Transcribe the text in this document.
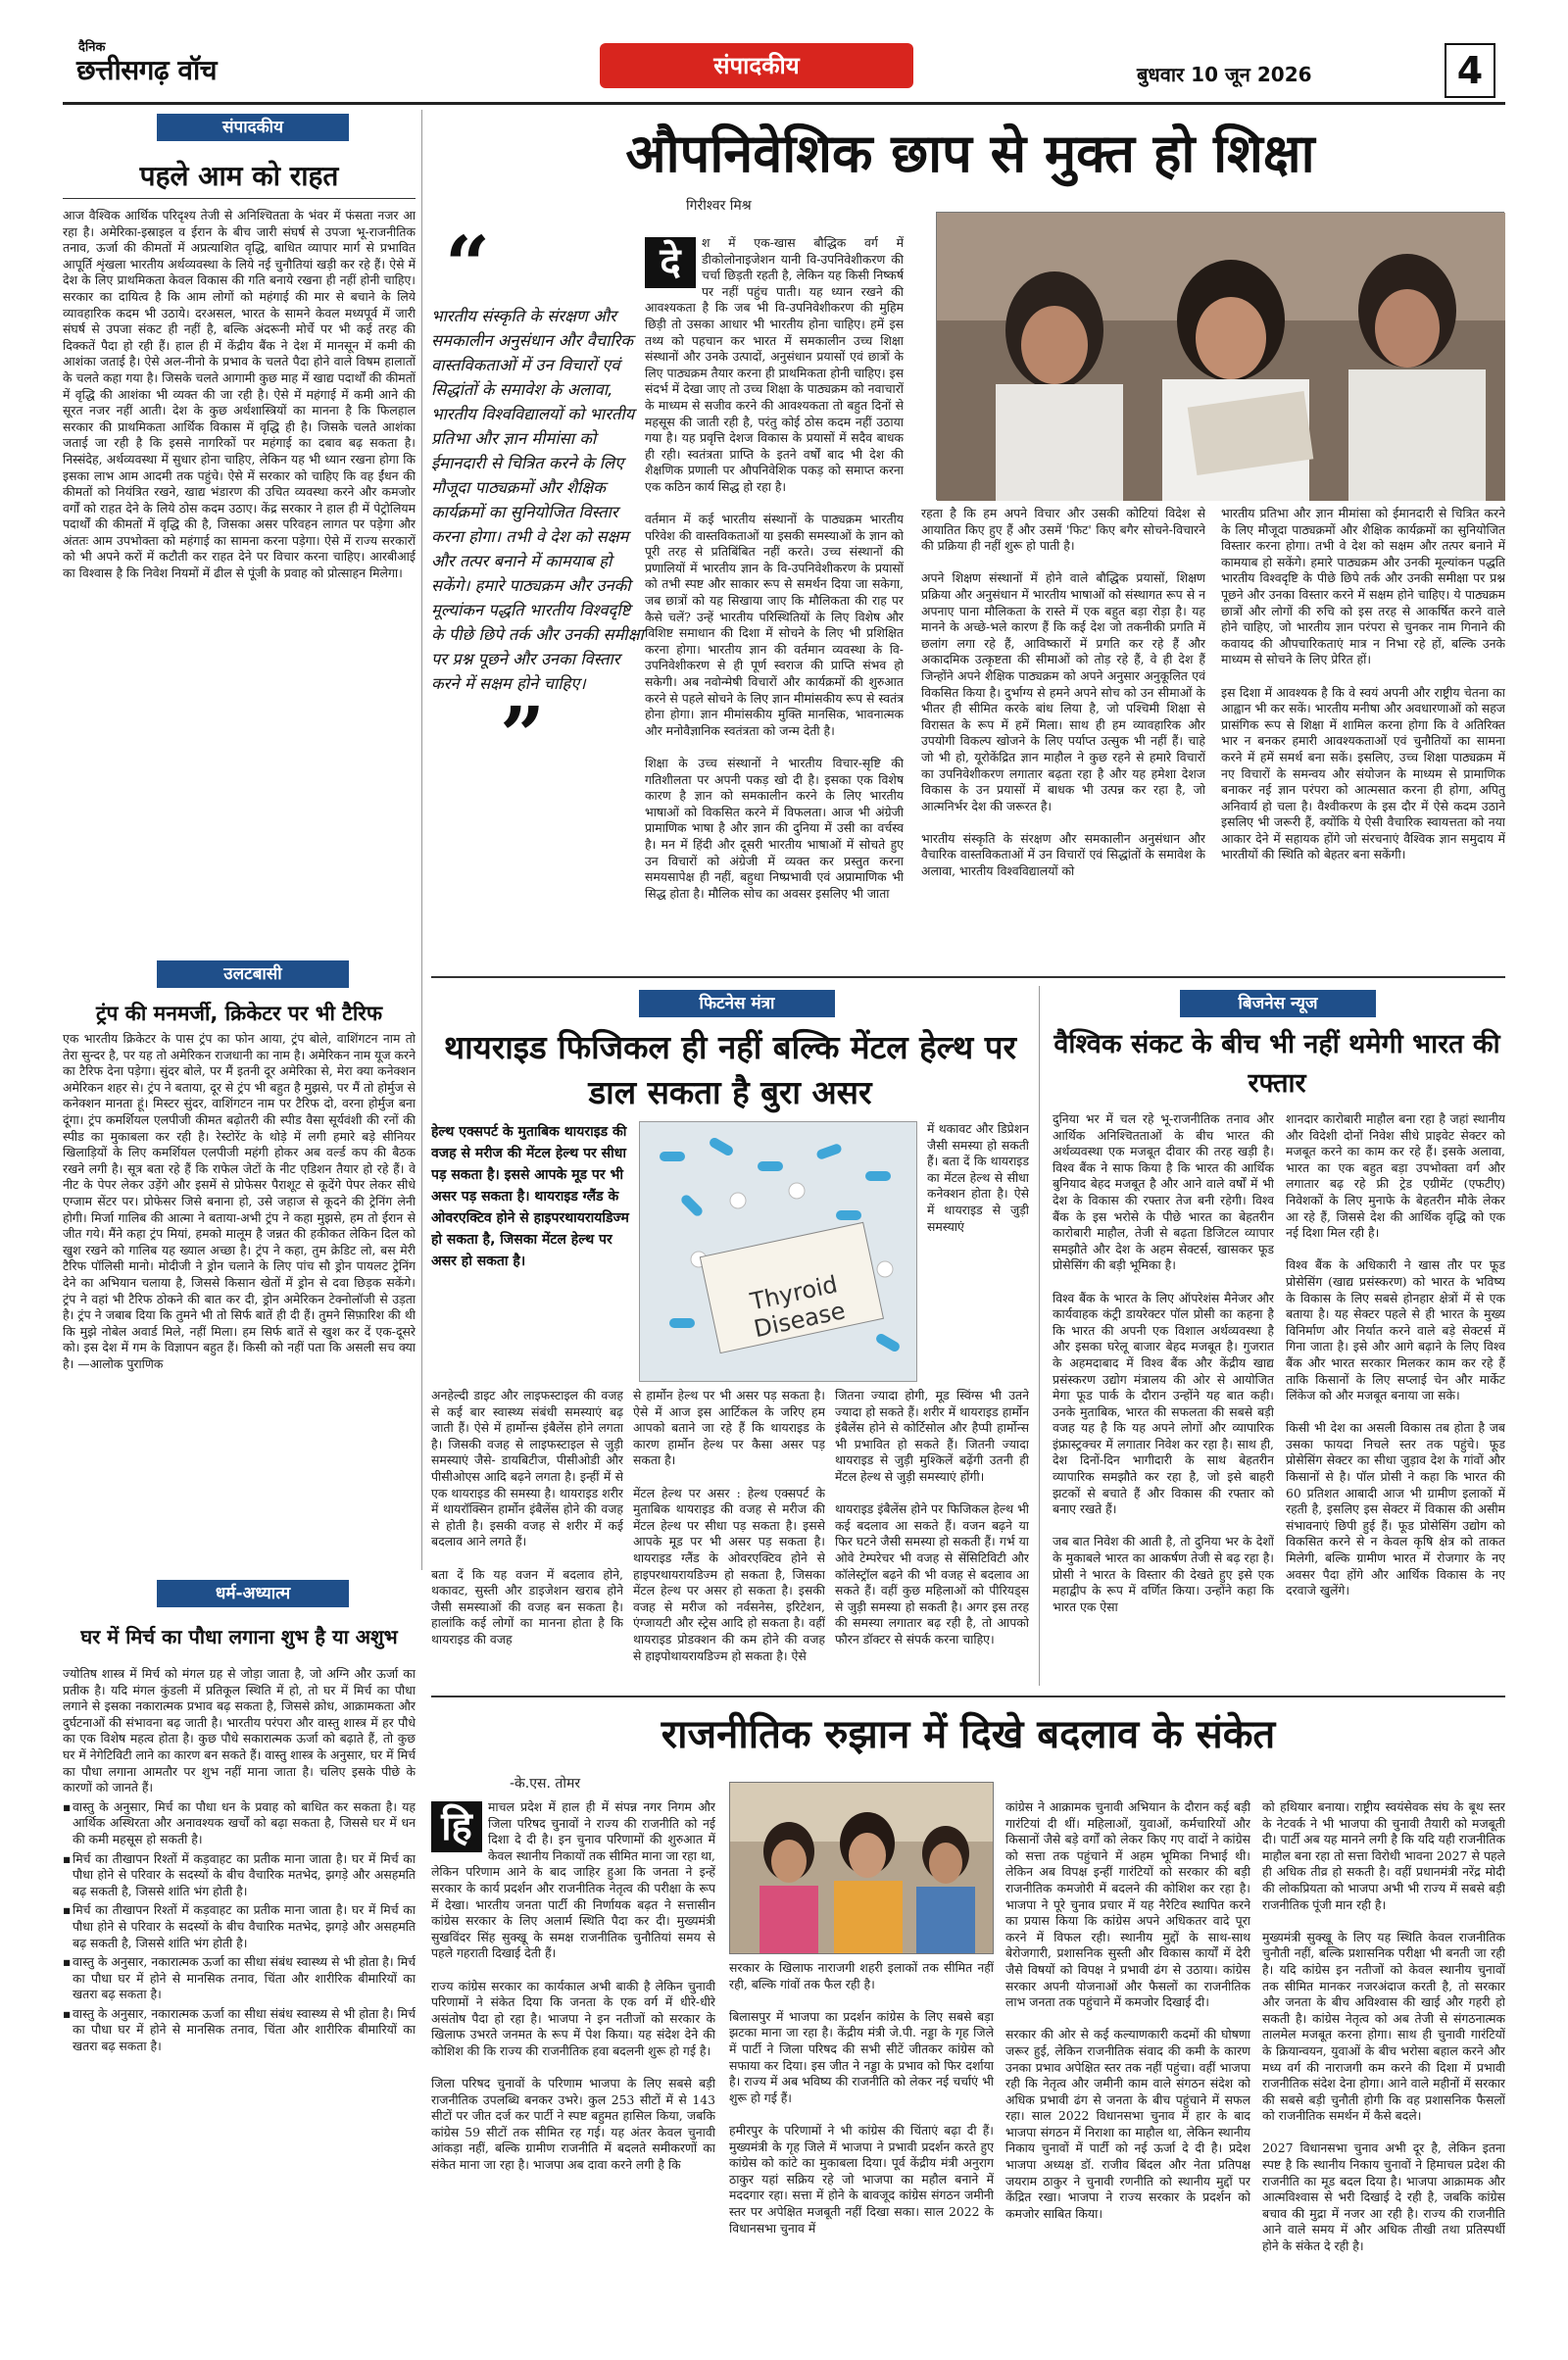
दैनिक
छत्तीसगढ़ वॉच	संपादकीय	बुधवार 10 जून 2026	4
संपादकीय
पहले आम को राहत
आज वैश्विक आर्थिक परिदृश्य तेजी से अनिश्चितता के भंवर में फंसता नजर आ रहा है। अमेरिका-इस्राइल व ईरान के बीच जारी संघर्ष से उपजा भू-राजनीतिक तनाव, ऊर्जा की कीमतों में अप्रत्याशित वृद्धि, बाधित व्यापार मार्ग से प्रभावित आपूर्ति शृंखला भारतीय अर्थव्यवस्था के लिये नई चुनौतियां खड़ी कर रहे हैं। ऐसे में देश के लिए प्राथमिकता केवल विकास की गति बनाये रखना ही नहीं होनी चाहिए। सरकार का दायित्व है कि आम लोगों को महंगाई की मार से बचाने के लिये व्यावहारिक कदम भी उठाये। दरअसल, भारत के सामने केवल मध्यपूर्व में जारी संघर्ष से उपजा संकट ही नहीं है, बल्कि अंदरूनी मोर्चे पर भी कई तरह की दिक्कतें पैदा हो रही हैं। हाल ही में केंद्रीय बैंक ने देश में मानसून में कमी की आशंका जताई है। ऐसे अल-नीनो के प्रभाव के चलते पैदा होने वाले विषम हालातों के चलते कहा गया है। जिसके चलते आगामी कुछ माह में खाद्य पदार्थों की कीमतों में वृद्धि की आशंका भी व्यक्त की जा रही है। ऐसे में महंगाई में कमी आने की सूरत नजर नहीं आती। देश के कुछ अर्थशास्त्रियों का मानना है कि फिलहाल सरकार की प्राथमिकता आर्थिक विकास में वृद्धि ही है। जिसके चलते आशंका जताई जा रही है कि इससे नागरिकों पर महंगाई का दबाव बढ़ सकता है। निस्संदेह, अर्थव्यवस्था में सुधार होना चाहिए, लेकिन यह भी ध्यान रखना होगा कि इसका लाभ आम आदमी तक पहुंचे। ऐसे में सरकार को चाहिए कि वह ईंधन की कीमतों को नियंत्रित रखने, खाद्य भंडारण की उचित व्यवस्था करने और कमजोर वर्गों को राहत देने के लिये ठोस कदम उठाए। केंद्र सरकार ने हाल ही में पेट्रोलियम पदार्थों की कीमतों में वृद्धि की है, जिसका असर परिवहन लागत पर पड़ेगा और अंततः आम उपभोक्ता को महंगाई का सामना करना पड़ेगा। ऐसे में राज्य सरकारों को भी अपने करों में कटौती कर राहत देने पर विचार करना चाहिए। आरबीआई का विश्वास है कि निवेश नियमों में ढील से पूंजी के प्रवाह को प्रोत्साहन मिलेगा।
उलटबासी
ट्रंप की मनमर्जी, क्रिकेटर पर भी टैरिफ
एक भारतीय क्रिकेटर के पास ट्रंप का फोन आया, ट्रंप बोले, वाशिंगटन नाम तो तेरा सुन्दर है, पर यह तो अमेरिकन राजधानी का नाम है। अमेरिकन नाम यूज करने का टैरिफ देना पड़ेगा। सुंदर बोले, पर मैं इतनी दूर अमेरिका से, मेरा क्या कनेक्शन अमेरिकन शहर से। ट्रंप ने बताया, दूर से ट्रंप भी बहुत है मुझसे, पर मैं तो होर्मुज से कनेक्शन मानता हूं। मिस्टर सुंदर, वाशिंगटन नाम पर टैरिफ दो, वरना होर्मुज बना दूंगा। ट्रंप कमर्शियल एलपीजी कीमत बढ़ोतरी की स्पीड वैसा सूर्यवंशी की रनों की स्पीड का मुकाबला कर रही है। रेस्टोरेंट के थोड़े में लगी हमारे बड़े सीनियर खिलाड़ियों के लिए कमर्शियल एलपीजी महंगी होकर अब वर्ल्ड कप की बैठक रखने लगी है। सूत्र बता रहे हैं कि राफेल जेटों के नीट एडिशन तैयार हो रहे हैं। वे नीट के पेपर लेकर उड़ेंगे और इसमें से प्रोफेसर पैराशूट से कूदेंगे पेपर लेकर सीधे एग्जाम सेंटर पर। प्रोफेसर जिसे बनाना हो, उसे जहाज से कूदने की ट्रेनिंग लेनी होगी। मिर्जा गालिब की आत्मा ने बताया-अभी ट्रंप ने कहा मुझसे, हम तो ईरान से जीत गये। मैंने कहा ट्रंप मियां, हमको मालूम है जन्नत की हकीकत लेकिन दिल को खुश रखने को गालिब यह ख्याल अच्छा है। ट्रंप ने कहा, तुम क्रेडिट लो, बस मेरी टैरिफ पॉलिसी मानो। मोदीजी ने ड्रोन चलाने के लिए पांच सौ ड्रोन पायलट ट्रेनिंग देने का अभियान चलाया है, जिससे किसान खेतों में ड्रोन से दवा छिड़क सकेंगे। ट्रंप ने वहां भी टैरिफ ठोकने की बात कर दी, ड्रोन अमेरिकन टेक्नोलॉजी से उड़ता है। ट्रंप ने जबाब दिया कि तुमने भी तो सिर्फ बातें ही दी हैं। तुमने सिफ़ारिश की थी कि मुझे नोबेल अवार्ड मिले, नहीं मिला। हम सिर्फ बातें से खुश कर दें एक-दूसरे को। इस देश में गम के विज्ञापन बहुत हैं। किसी को नहीं पता कि असली सच क्या है। —आलोक पुराणिक
धर्म-अध्यात्म
घर में मिर्च का पौधा लगाना शुभ है या अशुभ

ज्योतिष शास्त्र में मिर्च को मंगल ग्रह से जोड़ा जाता है, जो अग्नि और ऊर्जा का प्रतीक है। यदि मंगल कुंडली में प्रतिकूल स्थिति में हो, तो घर में मिर्च का पौधा लगाने से इसका नकारात्मक प्रभाव बढ़ सकता है, जिससे क्रोध, आक्रामकता और दुर्घटनाओं की संभावना बढ़ जाती है। भारतीय परंपरा और वास्तु शास्त्र में हर पौधे का एक विशेष महत्व होता है। कुछ पौधे सकारात्मक ऊर्जा को बढ़ाते हैं, तो कुछ घर में नेगेटिविटी लाने का कारण बन सकते हैं। वास्तु शास्त्र के अनुसार, घर में मिर्च का पौधा लगाना आमतौर पर शुभ नहीं माना जाता है। चलिए इसके पीछे के कारणों को जानते हैं।

▪ वास्तु के अनुसार, मिर्च का पौधा धन के प्रवाह को बाधित कर सकता है। यह आर्थिक अस्थिरता और अनावश्यक खर्चों को बढ़ा सकता है, जिससे घर में धन की कमी महसूस हो सकती है।
▪ मिर्च का तीखापन रिश्तों में कड़वाहट का प्रतीक माना जाता है। घर में मिर्च का पौधा होने से परिवार के सदस्यों के बीच वैचारिक मतभेद, झगड़े और असहमति बढ़ सकती है, जिससे शांति भंग होती है।
▪ मिर्च का तीखापन रिश्तों में कड़वाहट का प्रतीक माना जाता है। घर में मिर्च का पौधा होने से परिवार के सदस्यों के बीच वैचारिक मतभेद, झगड़े और असहमति बढ़ सकती है, जिससे शांति भंग होती है।
▪ वास्तु के अनुसार, नकारात्मक ऊर्जा का सीधा संबंध स्वास्थ्य से भी होता है। मिर्च का पौधा घर में होने से मानसिक तनाव, चिंता और शारीरिक बीमारियों का खतरा बढ़ सकता है।
▪ वास्तु के अनुसार, नकारात्मक ऊर्जा का सीधा संबंध स्वास्थ्य से भी होता है। मिर्च का पौधा घर में होने से मानसिक तनाव, चिंता और शारीरिक बीमारियों का खतरा बढ़ सकता है।
औपनिवेशिक छाप से मुक्त हो शिक्षा
गिरीश्वर मिश्र
“
भारतीय संस्कृति के संरक्षण और समकालीन अनुसंधान और वैचारिक वास्तविकताओं में उन विचारों एवं सिद्धांतों के समावेश के अलावा, भारतीय विश्वविद्यालयों को भारतीय प्रतिभा और ज्ञान मीमांसा को ईमानदारी से चित्रित करने के लिए मौजूदा पाठ्यक्रमों और शैक्षिक कार्यक्रमों का सुनियोजित विस्तार करना होगा। तभी वे देश को सक्षम और तत्पर बनाने में कामयाब हो सकेंगे। हमारे पाठ्यक्रम और उनकी मूल्यांकन पद्धति भारतीय विश्वदृष्टि के पीछे छिपे तर्क और उनकी समीक्षा पर प्रश्न पूछने और उनका विस्तार करने में सक्षम होने चाहिए।
”
दे	श में एक-खास बौद्धिक वर्ग में डीकोलोनाइजेशन यानी वि-उपनिवेशीकरण की चर्चा छिड़ती रहती है, लेकिन यह किसी निष्कर्ष पर नहीं पहुंच पाती। यह ध्यान रखने की आवश्यकता है कि जब भी वि-उपनिवेशीकरण की मुहिम छिड़ी तो उसका आधार भी भारतीय होना चाहिए। हमें इस तथ्य को पहचान कर भारत में समकालीन उच्च शिक्षा संस्थानों और उनके उत्पादों, अनुसंधान प्रयासों एवं छात्रों के लिए पाठ्यक्रम तैयार करना ही प्राथमिकता होनी चाहिए। इस संदर्भ में देखा जाए तो उच्च शिक्षा के पाठ्यक्रम को नवाचारों के माध्यम से सजीव करने की आवश्यकता तो बहुत दिनों से महसूस की जाती रही है, परंतु कोई ठोस कदम नहीं उठाया गया है। यह प्रवृत्ति देशज विकास के प्रयासों में सदैव बाधक ही रही। स्वतंत्रता प्राप्ति के इतने वर्षों बाद भी देश की शैक्षणिक प्रणाली पर औपनिवेशिक पकड़ को समाप्त करना एक कठिन कार्य सिद्ध हो रहा है।

वर्तमान में कई भारतीय संस्थानों के पाठ्यक्रम भारतीय परिवेश की वास्तविकताओं या इसकी समस्याओं के ज्ञान को पूरी तरह से प्रतिबिंबित नहीं करते। उच्च संस्थानों की प्रणालियों में भारतीय ज्ञान के वि-उपनिवेशीकरण के प्रयासों को तभी स्पष्ट और साकार रूप से समर्थन दिया जा सकेगा, जब छात्रों को यह सिखाया जाए कि मौलिकता की राह पर कैसे चलें? उन्हें भारतीय परिस्थितियों के लिए विशेष और विशिष्ट समाधान की दिशा में सोचने के लिए भी प्रशिक्षित करना होगा। भारतीय ज्ञान की वर्तमान व्यवस्था के वि-उपनिवेशीकरण से ही पूर्ण स्वराज की प्राप्ति संभव हो सकेगी। अब नवोन्मेषी विचारों और कार्यक्रमों की शुरुआत करने से पहले सोचने के लिए ज्ञान मीमांसकीय रूप से स्वतंत्र होना होगा। ज्ञान मीमांसकीय मुक्ति मानसिक, भावनात्मक और मनोवैज्ञानिक स्वतंत्रता को जन्म देती है।

शिक्षा के उच्च संस्थानों ने भारतीय विचार-सृष्टि की गतिशीलता पर अपनी पकड़ खो दी है। इसका एक विशेष कारण है ज्ञान को समकालीन करने के लिए भारतीय भाषाओं को विकसित करने में विफलता। आज भी अंग्रेजी प्रामाणिक भाषा है और ज्ञान की दुनिया में उसी का वर्चस्व है। मन में हिंदी और दूसरी भारतीय भाषाओं में सोचते हुए उन विचारों को अंग्रेजी में व्यक्त कर प्रस्तुत करना समयसापेक्ष ही नहीं, बहुधा निष्प्रभावी एवं अप्रामाणिक भी सिद्ध होता है। मौलिक सोच का अवसर इसलिए भी जाता
रहता है कि हम अपने विचार और उसकी कोटियां विदेश से आयातित किए हुए हैं और उसमें 'फिट' किए बगैर सोचने-विचारने की प्रक्रिया ही नहीं शुरू हो पाती है।

अपने शिक्षण संस्थानों में होने वाले बौद्धिक प्रयासों, शिक्षण प्रक्रिया और अनुसंधान में भारतीय भाषाओं को संस्थागत रूप से न अपनाए पाना मौलिकता के रास्ते में एक बहुत बड़ा रोड़ा है। यह मानने के अच्छे-भले कारण हैं कि कई देश जो तकनीकी प्रगति में छलांग लगा रहे हैं, आविष्कारों में प्रगति कर रहे हैं और अकादमिक उत्कृष्टता की सीमाओं को तोड़ रहे हैं, वे ही देश हैं जिन्होंने अपने शैक्षिक पाठ्यक्रम को अपने अनुसार अनुकूलित एवं विकसित किया है। दुर्भाग्य से हमने अपने सोच को उन सीमाओं के भीतर ही सीमित करके बांध लिया है, जो पश्चिमी शिक्षा से विरासत के रूप में हमें मिला। साथ ही हम व्यावहारिक और उपयोगी विकल्प खोजने के लिए पर्याप्त उत्सुक भी नहीं हैं। चाहे जो भी हो, यूरोकेंद्रित ज्ञान माहौल ने कुछ रहने से हमारे विचारों का उपनिवेशीकरण लगातार बढ़ता रहा है और यह हमेशा देशज विकास के उन प्रयासों में बाधक भी उत्पन्न कर रहा है, जो आत्मनिर्भर देश की जरूरत है।

भारतीय संस्कृति के संरक्षण और समकालीन अनुसंधान और वैचारिक वास्तविकताओं में उन विचारों एवं सिद्धांतों के समावेश के अलावा, भारतीय विश्वविद्यालयों को
भारतीय प्रतिभा और ज्ञान मीमांसा को ईमानदारी से चित्रित करने के लिए मौजूदा पाठ्यक्रमों और शैक्षिक कार्यक्रमों का सुनियोजित विस्तार करना होगा। तभी वे देश को सक्षम और तत्पर बनाने में कामयाब हो सकेंगे। हमारे पाठ्यक्रम और उनकी मूल्यांकन पद्धति भारतीय विश्वदृष्टि के पीछे छिपे तर्क और उनकी समीक्षा पर प्रश्न पूछने और उनका विस्तार करने में सक्षम होने चाहिए। ये पाठ्यक्रम छात्रों और लोगों की रुचि को इस तरह से आकर्षित करने वाले होने चाहिए, जो भारतीय ज्ञान परंपरा से चुनकर नाम गिनाने की कवायद की औपचारिकताएं मात्र न निभा रहे हों, बल्कि उनके माध्यम से सोचने के लिए प्रेरित हों।

इस दिशा में आवश्यक है कि वे स्वयं अपनी और राष्ट्रीय चेतना का आह्वान भी कर सकें। भारतीय मनीषा और अवधारणाओं को सहज प्रासंगिक रूप से शिक्षा में शामिल करना होगा कि वे अतिरिक्त भार न बनकर हमारी आवश्यकताओं एवं चुनौतियों का सामना करने में हमें समर्थ बना सकें। इसलिए, उच्च शिक्षा पाठ्यक्रम में नए विचारों के समन्वय और संयोजन के माध्यम से प्रामाणिक बनाकर नई ज्ञान परंपरा को आत्मसात करना ही होगा, अपितु अनिवार्य हो चला है। वैश्वीकरण के इस दौर में ऐसे कदम उठाने इसलिए भी जरूरी हैं, क्योंकि ये ऐसी वैचारिक स्वायत्तता को नया आकार देने में सहायक होंगे जो संरचनाएं वैश्विक ज्ञान समुदाय में भारतीयों की स्थिति को बेहतर बना सकेंगी।
फिटनेस मंत्रा
थायराइड फिजिकल ही नहीं बल्कि मेंटल हेल्थ पर डाल सकता है बुरा असर
हेल्थ एक्सपर्ट के मुताबिक थायराइड की वजह से मरीज की मेंटल हेल्थ पर सीधा पड़ सकता है। इससे आपके मूड पर भी असर पड़ सकता है। थायराइड ग्लैंड के ओवरएक्टिव होने से हाइपरथायरायडिज्म हो सकता है, जिसका मेंटल हेल्थ पर असर हो सकता है।
Thyroid Disease
में थकावट और डिप्रेशन जैसी समस्या हो सकती हैं। बता दें कि थायराइड का मेंटल हेल्थ से सीधा कनेक्शन होता है। ऐसे में थायराइड से जुड़ी समस्याएं
अनहेल्दी डाइट और लाइफस्टाइल की वजह से कई बार स्वास्थ्य संबंधी समस्याएं बढ़ जाती हैं। ऐसे में हार्मोन्स इंबैलेंस होने लगता है। जिसकी वजह से लाइफस्टाइल से जुड़ी समस्याएं जैसे- डायबिटीज, पीसीओडी और पीसीओएस आदि बढ़ने लगता है। इन्हीं में से एक थायराइड की समस्या है। थायराइड शरीर में थायरॉक्सिन हार्मोन इंबैलेंस होने की वजह से होती है। इसकी वजह से शरीर में कई बदलाव आने लगते हैं।

बता दें कि यह वजन में बदलाव होने, थकावट, सुस्ती और डाइजेशन खराब होने जैसी समस्याओं की वजह बन सकता है। हालांकि कई लोगों का मानना होता है कि थायराइड की वजह
से हार्मोन हेल्थ पर भी असर पड़ सकता है। ऐसे में आज इस आर्टिकल के जरिए हम आपको बताने जा रहे हैं कि थायराइड के कारण हार्मोन हेल्थ पर कैसा असर पड़ सकता है।

मेंटल हेल्थ पर असर : हेल्थ एक्सपर्ट के मुताबिक थायराइड की वजह से मरीज की मेंटल हेल्थ पर सीधा पड़ सकता है। इससे आपके मूड पर भी असर पड़ सकता है। थायराइड ग्लैंड के ओवरएक्टिव होने से हाइपरथायरायडिज्म हो सकता है, जिसका मेंटल हेल्थ पर असर हो सकता है। इसकी वजह से मरीज को नर्वसनेस, इरिटेशन, एंग्जायटी और स्ट्रेस आदि हो सकता है। वहीं थायराइड प्रोडक्शन की कम होने की वजह से हाइपोथायरायडिज्म हो सकता है। ऐसे
जितना ज्यादा होगी, मूड स्विंग्स भी उतने ज्यादा हो सकते हैं। शरीर में थायराइड हार्मोन इंबैलेंस होने से कोर्टिसोल और हैप्पी हार्मोन्स भी प्रभावित हो सकते हैं। जितनी ज्यादा थायराइड से जुड़ी मुश्किलें बढ़ेंगी उतनी ही मेंटल हेल्थ से जुड़ी समस्याएं होंगी।

थायराइड इंबैलेंस होने पर फिजिकल हेल्थ भी कई बदलाव आ सकते हैं। वजन बढ़ने या फिर घटने जैसी समस्या हो सकती हैं। गर्भ या ओवे टेम्परेचर भी वजह से सेंसिटिविटी और कॉलेस्ट्रॉल बढ़ने की भी वजह से बदलाव आ सकते हैं। वहीं कुछ महिलाओं को पीरियड्स से जुड़ी समस्या हो सकती है। अगर इस तरह की समस्या लगातार बढ़ रही है, तो आपको फौरन डॉक्टर से संपर्क करना चाहिए।
बिजनेस न्यूज
वैश्विक संकट के बीच भी नहीं थमेगी भारत की रफ्तार
दुनिया भर में चल रहे भू-राजनीतिक तनाव और आर्थिक अनिश्चितताओं के बीच भारत की अर्थव्यवस्था एक मजबूत दीवार की तरह खड़ी है। विश्व बैंक ने साफ किया है कि भारत की आर्थिक बुनियाद बेहद मजबूत है और आने वाले वर्षों में भी देश के विकास की रफ्तार तेज बनी रहेगी। विश्व बैंक के इस भरोसे के पीछे भारत का बेहतरीन कारोबारी माहौल, तेजी से बढ़ता डिजिटल व्यापार समझौते और देश के अहम सेक्टर्स, खासकर फूड प्रोसेसिंग की बड़ी भूमिका है।

विश्व बैंक के भारत के लिए ऑपरेशंस मैनेजर और कार्यवाहक कंट्री डायरेक्टर पॉल प्रोसी का कहना है कि भारत की अपनी एक विशाल अर्थव्यवस्था है और इसका घरेलू बाजार बेहद मजबूत है। गुजरात के अहमदाबाद में विश्व बैंक और केंद्रीय खाद्य प्रसंस्करण उद्योग मंत्रालय की ओर से आयोजित मेगा फूड पार्क के दौरान उन्होंने यह बात कही। उनके मुताबिक, भारत की सफलता की सबसे बड़ी वजह यह है कि यह अपने लोगों और व्यापारिक इंफ्रास्ट्रक्चर में लगातार निवेश कर रहा है। साथ ही, देश दिनों-दिन भागीदारी के साथ बेहतरीन व्यापारिक समझौते कर रहा है, जो इसे बाहरी झटकों से बचाते हैं और विकास की रफ्तार को बनाए रखते हैं।

जब बात निवेश की आती है, तो दुनिया भर के देशों के मुकाबले भारत का आकर्षण तेजी से बढ़ रहा है। प्रोसी ने भारत के विस्तार की देखते हुए इसे एक महाद्वीप के रूप में वर्णित किया। उन्होंने कहा कि भारत एक ऐसा
शानदार कारोबारी माहौल बना रहा है जहां स्थानीय और विदेशी दोनों निवेश सीधे प्राइवेट सेक्टर को मजबूत करने का काम कर रहे हैं। इसके अलावा, भारत का एक बहुत बड़ा उपभोक्ता वर्ग और लगातार बढ़ रहे फ्री ट्रेड एग्रीमेंट (एफटीए) निवेशकों के लिए मुनाफे के बेहतरीन मौके लेकर आ रहे हैं, जिससे देश की आर्थिक वृद्धि को एक नई दिशा मिल रही है।

विश्व बैंक के अधिकारी ने खास तौर पर फूड प्रोसेसिंग (खाद्य प्रसंस्करण) को भारत के भविष्य के विकास के लिए सबसे होनहार क्षेत्रों में से एक बताया है। यह सेक्टर पहले से ही भारत के मुख्य विनिर्माण और निर्यात करने वाले बड़े सेक्टर्स में गिना जाता है। इसे और आगे बढ़ाने के लिए विश्व बैंक और भारत सरकार मिलकर काम कर रहे हैं ताकि किसानों के लिए सप्लाई चेन और मार्केट लिंकेज को और मजबूत बनाया जा सके।

किसी भी देश का असली विकास तब होता है जब उसका फायदा निचले स्तर तक पहुंचे। फूड प्रोसेसिंग सेक्टर का सीधा जुड़ाव देश के गांवों और किसानों से है। पॉल प्रोसी ने कहा कि भारत की 60 प्रतिशत आबादी आज भी ग्रामीण इलाकों में रहती है, इसलिए इस सेक्टर में विकास की असीम संभावनाएं छिपी हुई हैं। फूड प्रोसेसिंग उद्योग को विकसित करने से न केवल कृषि क्षेत्र को ताकत मिलेगी, बल्कि ग्रामीण भारत में रोजगार के नए अवसर पैदा होंगे और आर्थिक विकास के नए दरवाजे खुलेंगे।
राजनीतिक रुझान में दिखे बदलाव के संकेत
-के.एस. तोमर
हि	माचल प्रदेश में हाल ही में संपन्न नगर निगम और जिला परिषद चुनावों ने राज्य की राजनीति को नई दिशा दे दी है। इन चुनाव परिणामों की शुरुआत में केवल स्थानीय निकायों तक सीमित माना जा रहा था, लेकिन परिणाम आने के बाद जाहिर हुआ कि जनता ने इन्हें सरकार के कार्य प्रदर्शन और राजनीतिक नेतृत्व की परीक्षा के रूप में देखा। भारतीय जनता पार्टी की निर्णायक बढ़त ने सत्तासीन कांग्रेस सरकार के लिए अलार्म स्थिति पैदा कर दी। मुख्यमंत्री सुखविंदर सिंह सुक्खू के समक्ष राजनीतिक चुनौतियां समय से पहले गहराती दिखाई देती हैं।

राज्य कांग्रेस सरकार का कार्यकाल अभी बाकी है लेकिन चुनावी परिणामों ने संकेत दिया कि जनता के एक वर्ग में धीरे-धीरे असंतोष पैदा हो रहा है। भाजपा ने इन नतीजों को सरकार के खिलाफ उभरते जनमत के रूप में पेश किया। यह संदेश देने की कोशिश की कि राज्य की राजनीतिक हवा बदलनी शुरू हो गई है।

जिला परिषद चुनावों के परिणाम भाजपा के लिए सबसे बड़ी राजनीतिक उपलब्धि बनकर उभरे। कुल 253 सीटों में से 143 सीटों पर जीत दर्ज कर पार्टी ने स्पष्ट बहुमत हासिल किया, जबकि कांग्रेस 59 सीटों तक सीमित रह गई। यह अंतर केवल चुनावी आंकड़ा नहीं, बल्कि ग्रामीण राजनीति में बदलते समीकरणों का संकेत माना जा रहा है। भाजपा अब दावा करने लगी है कि
सरकार के खिलाफ नाराजगी शहरी इलाकों तक सीमित नहीं रही, बल्कि गांवों तक फैल रही है।

बिलासपुर में भाजपा का प्रदर्शन कांग्रेस के लिए सबसे बड़ा झटका माना जा रहा है। केंद्रीय मंत्री जे.पी. नड्डा के गृह जिले में पार्टी ने जिला परिषद की सभी सीटें जीतकर कांग्रेस को सफाया कर दिया। इस जीत ने नड्डा के प्रभाव को फिर दर्शाया है। राज्य में अब भविष्य की राजनीति को लेकर नई चर्चाएं भी शुरू हो गई हैं।

हमीरपुर के परिणामों ने भी कांग्रेस की चिंताएं बढ़ा दी हैं। मुख्यमंत्री के गृह जिले में भाजपा ने प्रभावी प्रदर्शन करते हुए कांग्रेस को कांटे का मुकाबला दिया। पूर्व केंद्रीय मंत्री अनुराग ठाकुर यहां सक्रिय रहे जो भाजपा का महौल बनाने में मददगार रहा। सत्ता में होने के बावजूद कांग्रेस संगठन जमीनी स्तर पर अपेक्षित मजबूती नहीं दिखा सका। साल 2022 के विधानसभा चुनाव में
कांग्रेस ने आक्रामक चुनावी अभियान के दौरान कई बड़ी गारंटियां दी थीं। महिलाओं, युवाओं, कर्मचारियों और किसानों जैसे बड़े वर्गों को लेकर किए गए वादों ने कांग्रेस को सत्ता तक पहुंचाने में अहम भूमिका निभाई थी। लेकिन अब विपक्ष इन्हीं गारंटियों को सरकार की बड़ी राजनीतिक कमजोरी में बदलने की कोशिश कर रहा है। भाजपा ने पूरे चुनाव प्रचार में यह नैरेटिव स्थापित करने का प्रयास किया कि कांग्रेस अपने अधिकतर वादे पूरा करने में विफल रही। स्थानीय मुद्दों के साथ-साथ बेरोजगारी, प्रशासनिक सुस्ती और विकास कार्यों में देरी जैसे विषयों को विपक्ष ने प्रभावी ढंग से उठाया। कांग्रेस सरकार अपनी योजनाओं और फैसलों का राजनीतिक लाभ जनता तक पहुंचाने में कमजोर दिखाई दी।

सरकार की ओर से कई कल्याणकारी कदमों की घोषणा जरूर हुई, लेकिन राजनीतिक संवाद की कमी के कारण उनका प्रभाव अपेक्षित स्तर तक नहीं पहुंचा। वहीं भाजपा रही कि नेतृत्व और जमीनी काम वाले संगठन संदेश को अधिक प्रभावी ढंग से जनता के बीच पहुंचाने में सफल रहा। साल 2022 विधानसभा चुनाव में हार के बाद भाजपा संगठन में निराशा का माहौल था, लेकिन स्थानीय निकाय चुनावों में पार्टी को नई ऊर्जा दे दी है। प्रदेश भाजपा अध्यक्ष डॉ. राजीव बिंदल और नेता प्रतिपक्ष जयराम ठाकुर ने चुनावी रणनीति को स्थानीय मुद्दों पर केंद्रित रखा। भाजपा ने राज्य सरकार के प्रदर्शन को कमजोर साबित किया।
को हथियार बनाया। राष्ट्रीय स्वयंसेवक संघ के बूथ स्तर के नेटवर्क ने भी भाजपा की चुनावी तैयारी को मजबूती दी। पार्टी अब यह मानने लगी है कि यदि यही राजनीतिक माहौल बना रहा तो सत्ता विरोधी भावना 2027 से पहले ही अधिक तीव्र हो सकती है। वहीं प्रधानमंत्री नरेंद्र मोदी की लोकप्रियता को भाजपा अभी भी राज्य में सबसे बड़ी राजनीतिक पूंजी मान रही है।

मुख्यमंत्री सुक्खू के लिए यह स्थिति केवल राजनीतिक चुनौती नहीं, बल्कि प्रशासनिक परीक्षा भी बनती जा रही है। यदि कांग्रेस इन नतीजों को केवल स्थानीय चुनावों तक सीमित मानकर नजरअंदाज करती है, तो सरकार और जनता के बीच अविश्वास की खाई और गहरी हो सकती है। कांग्रेस नेतृत्व को अब तेजी से संगठनात्मक तालमेल मजबूत करना होगा। साथ ही चुनावी गारंटियों के क्रियान्वयन, युवाओं के बीच भरोसा बहाल करने और मध्य वर्ग की नाराजगी कम करने की दिशा में प्रभावी राजनीतिक संदेश देना होगा। आने वाले महीनों में सरकार की सबसे बड़ी चुनौती होगी कि वह प्रशासनिक फैसलों को राजनीतिक समर्थन में कैसे बदले।

2027 विधानसभा चुनाव अभी दूर है, लेकिन इतना स्पष्ट है कि स्थानीय निकाय चुनावों ने हिमाचल प्रदेश की राजनीति का मूड बदल दिया है। भाजपा आक्रामक और आत्मविश्वास से भरी दिखाई दे रही है, जबकि कांग्रेस बचाव की मुद्रा में नजर आ रही है। राज्य की राजनीति आने वाले समय में और अधिक तीखी तथा प्रतिस्पर्धी होने के संकेत दे रही है।
